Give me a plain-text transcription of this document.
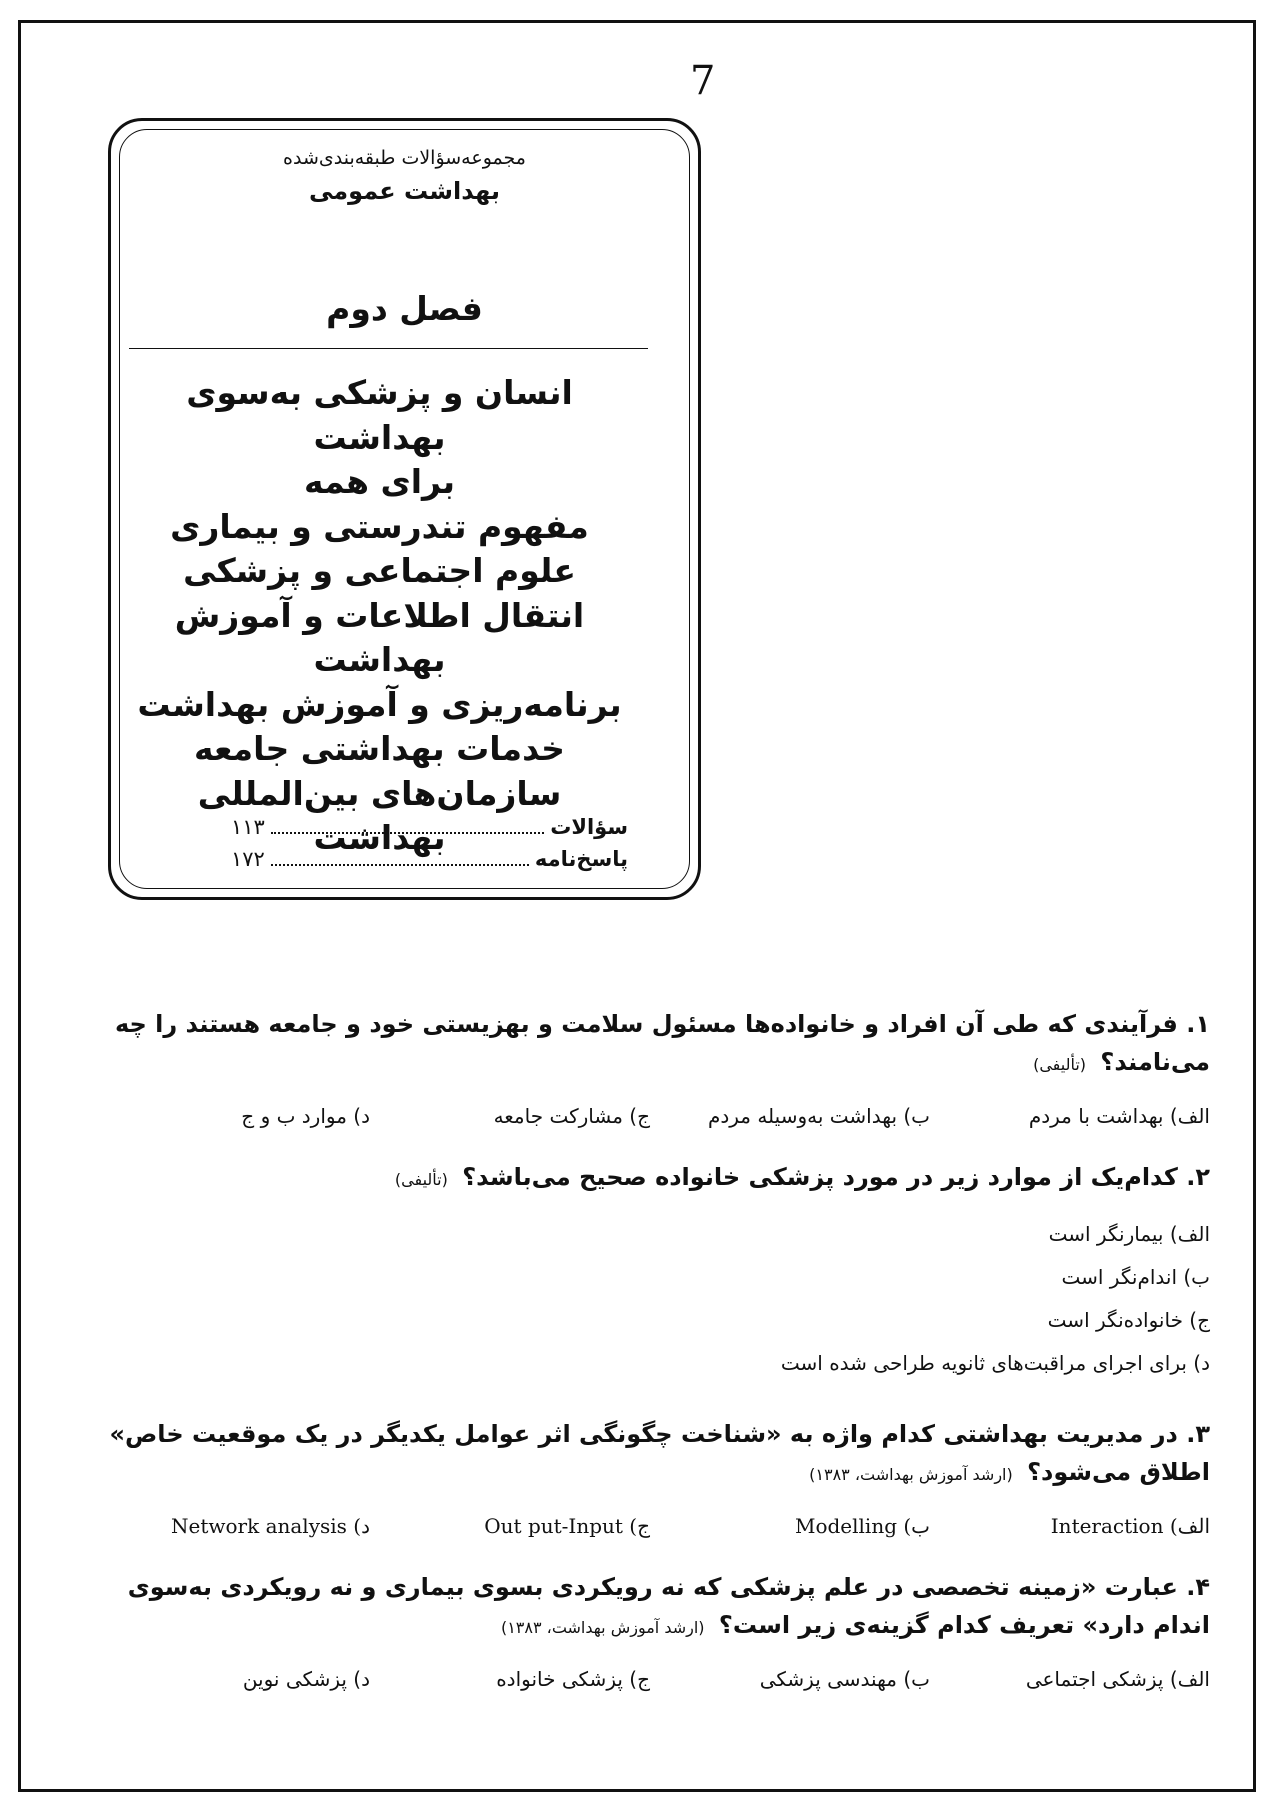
7
مجموعه‌سؤالات طبقه‌بندی‌شده
بهداشت عمومی
فصل دوم
انسان و پزشکی به‌سوی بهداشت
برای همه
مفهوم تندرستی و بیماری
علوم اجتماعی و پزشکی
انتقال اطلاعات و آموزش بهداشت
برنامه‌ریزی و آموزش بهداشت
خدمات بهداشتی جامعه
سازمان‌های بین‌المللی بهداشت	سؤالات
۱۱۳
پاسخ‌نامه
۱۷۲
۱. فرآیندی که طی آن افراد و خانواده‌ها مسئول سلامت و بهزیستی خود و جامعه هستند را چه می‌نامند؟ (تألیفی)
الف) بهداشت با مردم
ب) بهداشت به‌وسیله مردم
ج) مشارکت جامعه
د) موارد ب و ج
۲. کدام‌یک از موارد زیر در مورد پزشکی خانواده صحیح می‌باشد؟ (تألیفی)
الف) بیمارنگر است
ب) اندام‌نگر است
ج) خانواده‌نگر است
د) برای اجرای مراقبت‌های ثانویه طراحی شده است
۳. در مدیریت بهداشتی کدام واژه به «شناخت چگونگی اثر عوامل یکدیگر در یک موقعیت خاص» اطلاق می‌شود؟ (ارشد آموزش بهداشت، ۱۳۸۳)
الف) Interaction
ب) Modelling
ج) Out put-Input
د) Network analysis
۴. عبارت «زمینه تخصصی در علم پزشکی که نه رویکردی بسوی بیماری و نه رویکردی به‌سوی اندام دارد» تعریف کدام گزینه‌ی زیر است؟ (ارشد آموزش بهداشت، ۱۳۸۳)
الف) پزشکی اجتماعی
ب) مهندسی پزشکی
ج) پزشکی خانواده
د) پزشکی نوین
